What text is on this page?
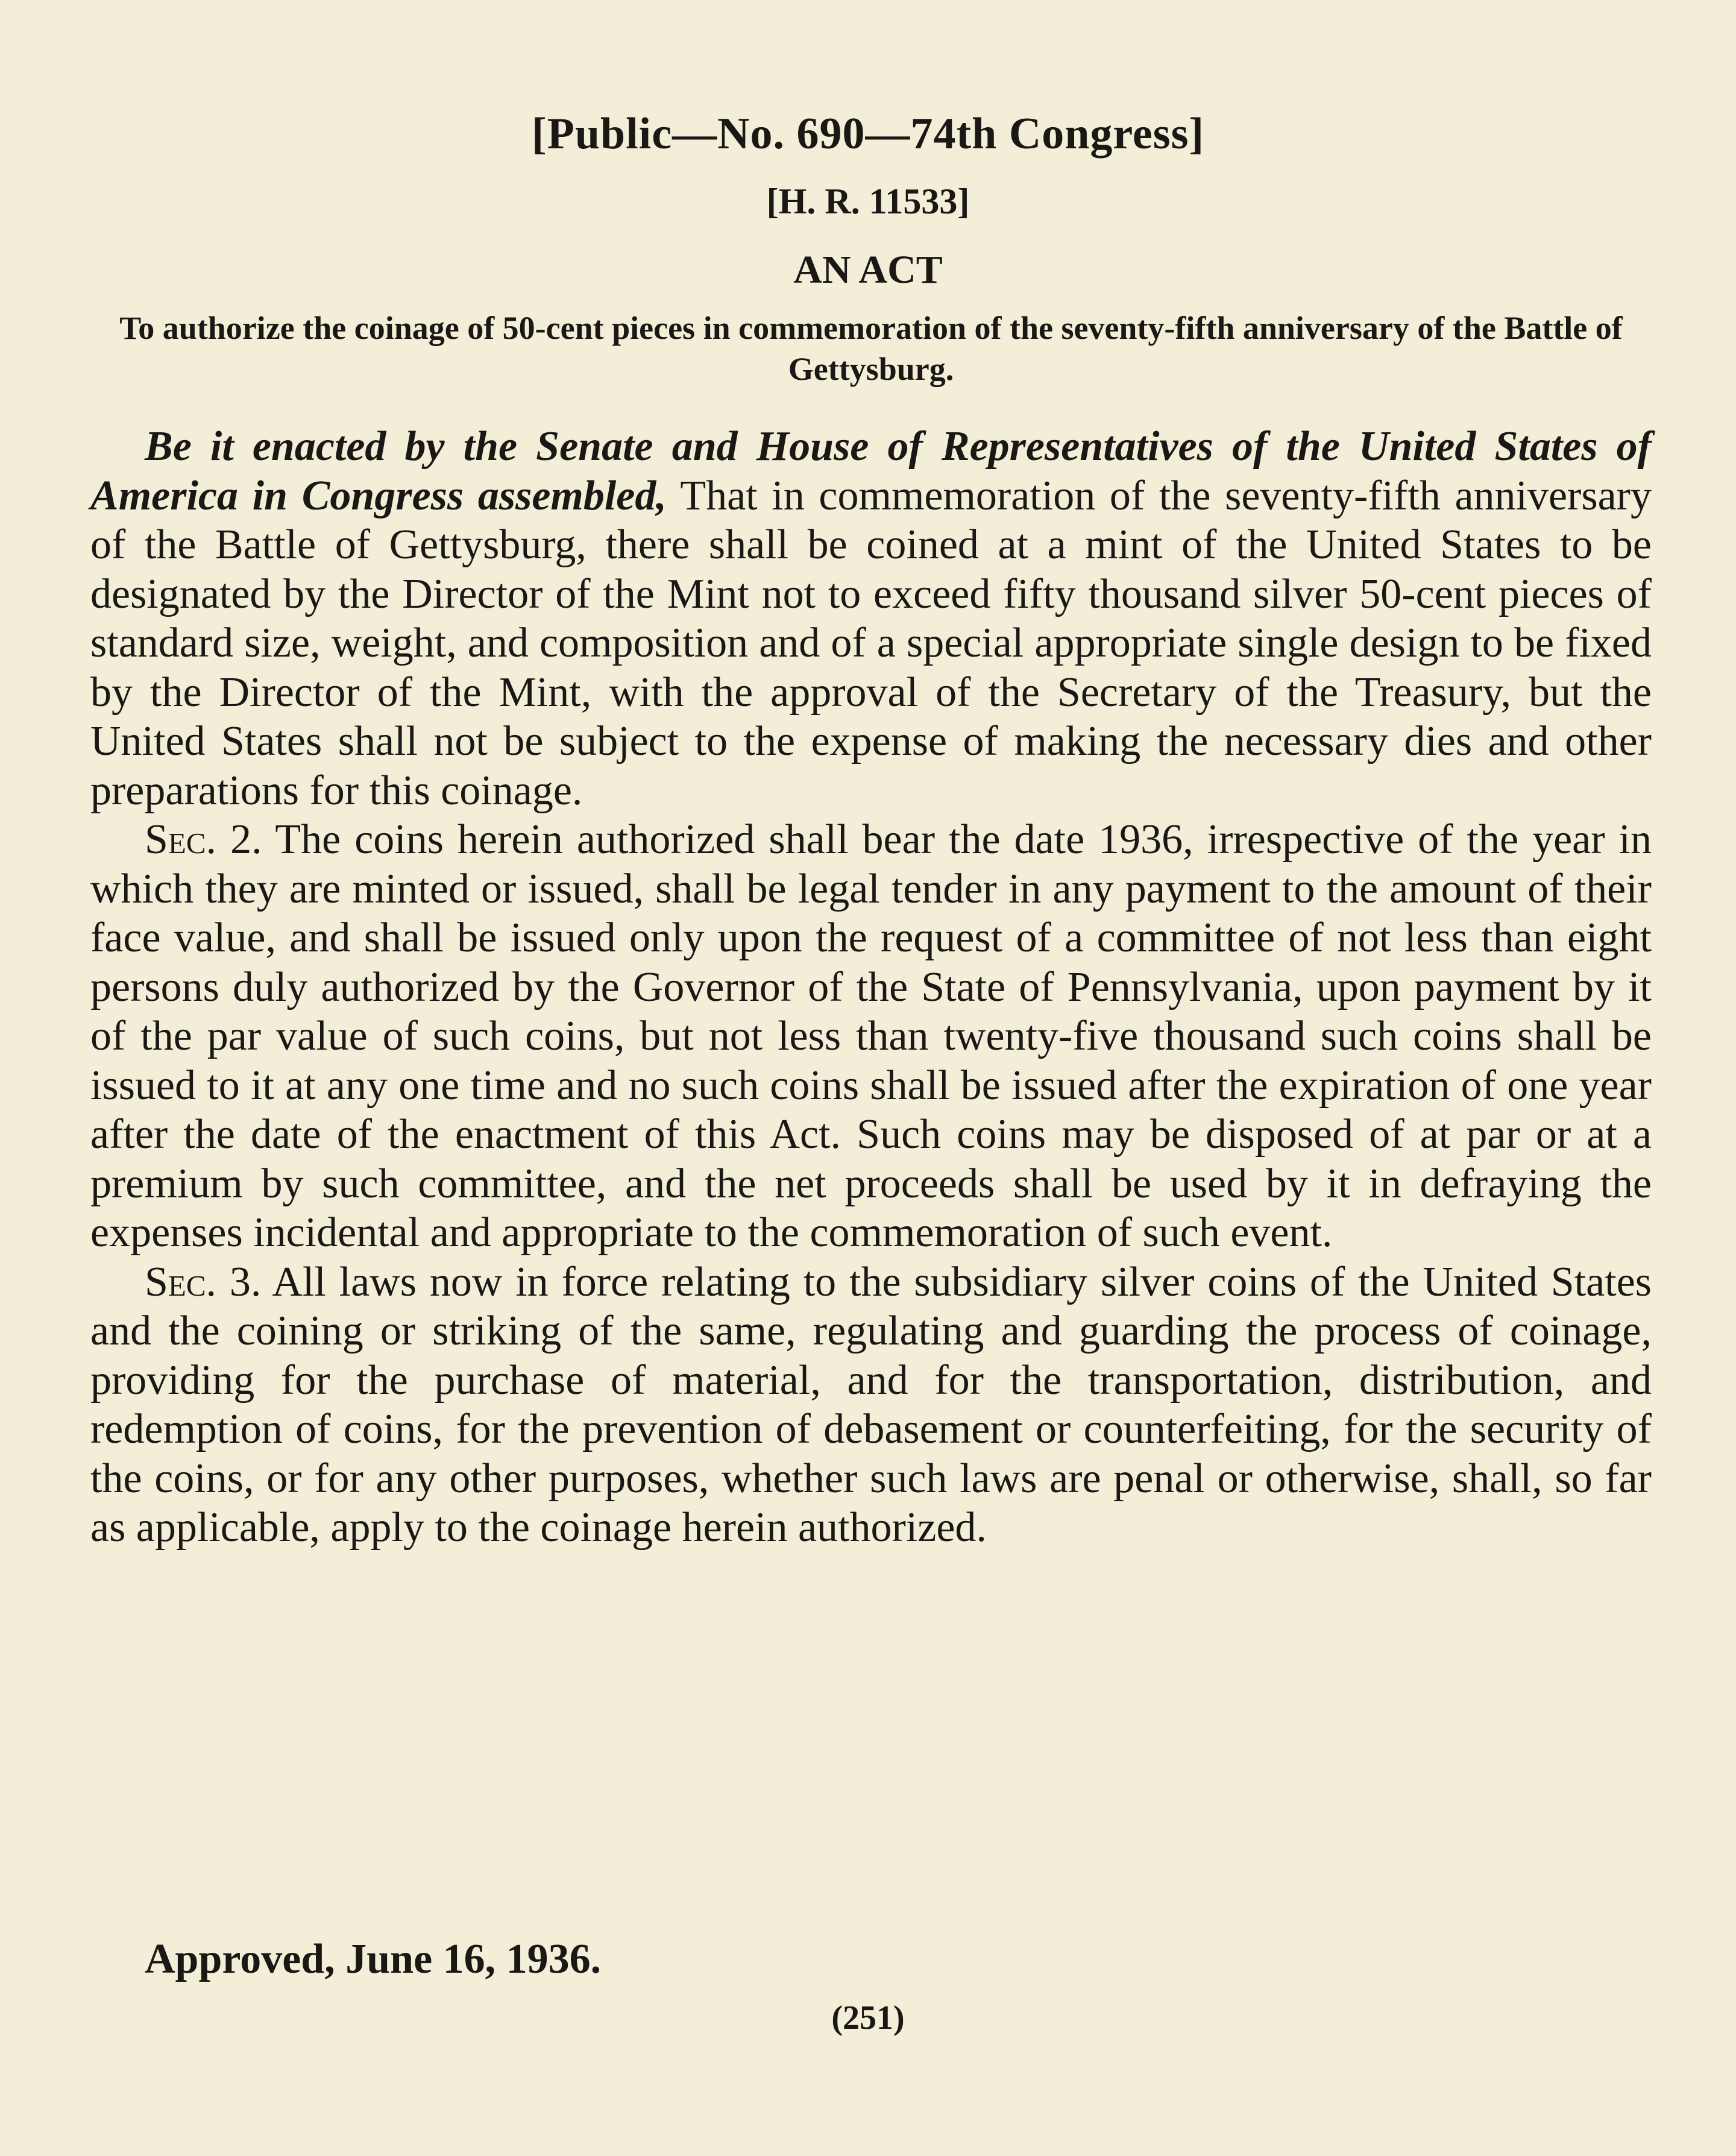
[Public—No. 690—74th Congress]
[H. R. 11533]
AN ACT
To authorize the coinage of 50-cent pieces in commemoration of the seventy-fifth anniversary of the Battle of Gettysburg.

Be it enacted by the Senate and House of Representatives of the United States of America in Congress assembled, That in commemoration of the seventy-fifth anniversary of the Battle of Gettysburg, there shall be coined at a mint of the United States to be designated by the Director of the Mint not to exceed fifty thousand silver 50-cent pieces of standard size, weight, and composition and of a special appropriate single design to be fixed by the Director of the Mint, with the approval of the Secretary of the Treasury, but the United States shall not be subject to the expense of making the necessary dies and other preparations for this coinage.

Sec. 2. The coins herein authorized shall bear the date 1936, irrespective of the year in which they are minted or issued, shall be legal tender in any payment to the amount of their face value, and shall be issued only upon the request of a committee of not less than eight persons duly authorized by the Governor of the State of Pennsylvania, upon payment by it of the par value of such coins, but not less than twenty-five thousand such coins shall be issued to it at any one time and no such coins shall be issued after the expiration of one year after the date of the enactment of this Act. Such coins may be disposed of at par or at a premium by such committee, and the net proceeds shall be used by it in defraying the expenses incidental and appropriate to the commemoration of such event.

Sec. 3. All laws now in force relating to the subsidiary silver coins of the United States and the coining or striking of the same, regulating and guarding the process of coinage, providing for the purchase of material, and for the transportation, distribution, and redemption of coins, for the prevention of debasement or counterfeiting, for the security of the coins, or for any other purposes, whether such laws are penal or otherwise, shall, so far as applicable, apply to the coinage herein authorized.

Approved, June 16, 1936.
(251)
